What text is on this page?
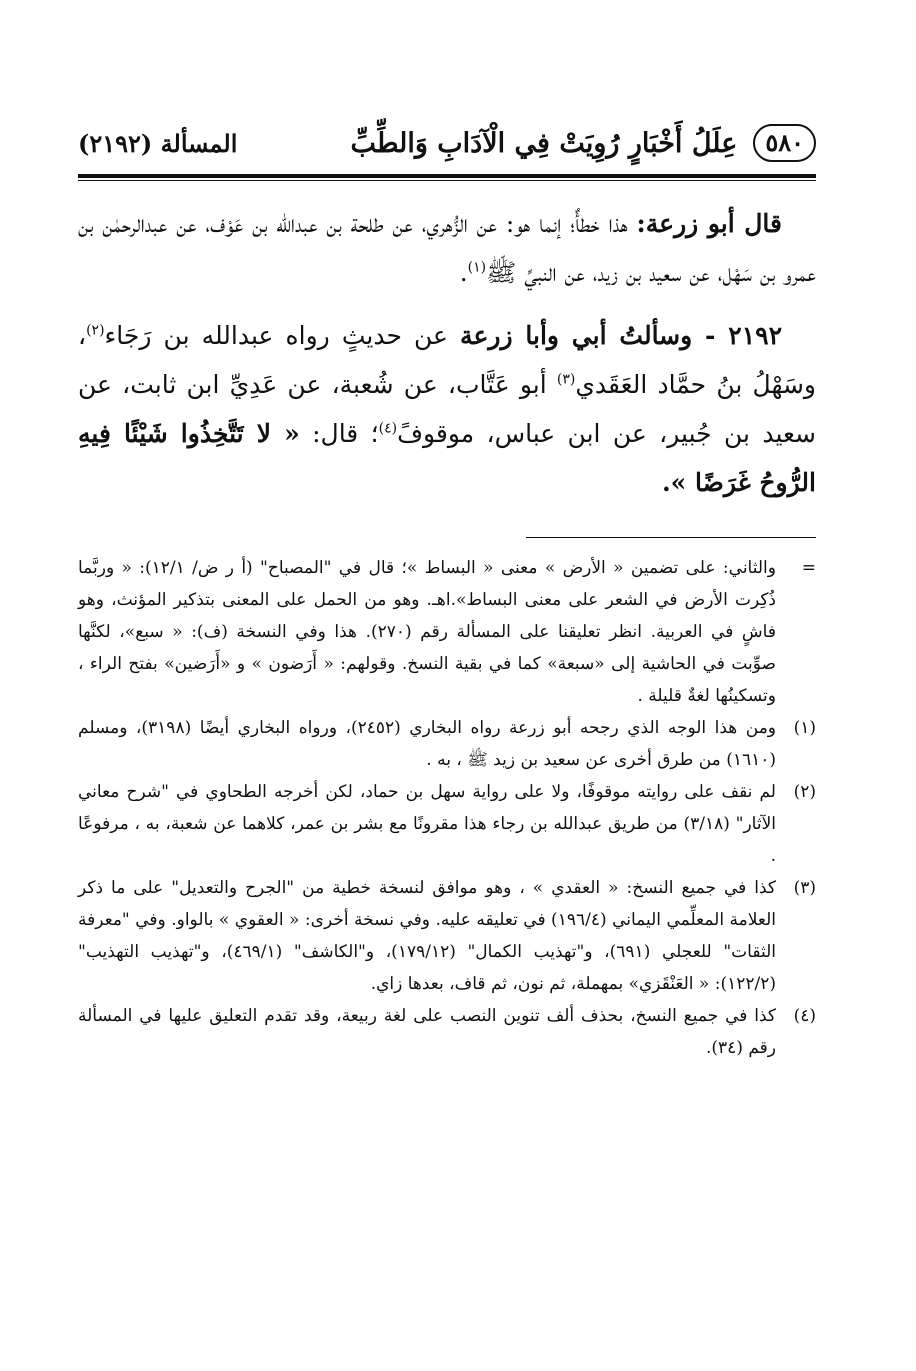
٥٨٠
عِلَلُ أَخْبَارٍ رُوِيَتْ فِي الْآدَابِ وَالطِّبِّ
المسألة (٢١٩٢)

قال أبو زرعة: هذا خطأٌ؛ إنما هو: عن الزُّهري، عن طلحة بن عبدالله بن عَوْف، عن عبدالرحمٰن بن عمرو بن سَهْل، عن سعيد بن زيد، عن النبيِّ ﷺ$^{(١)}$.

٢١٩٢ - وسألتُ أبي وأبا زرعة عن حديثٍ رواه عبدالله بن رَجَاء$^{(٢)}$، وسَهْلُ بنُ حمَّاد العَقَدي$^{(٣)}$ أبو عَتَّاب، عن شُعبة، عن عَدِيِّ ابن ثابت، عن سعيد بن جُبير، عن ابن عباس، موقوفً$^{(٤)}$؛ قال: « لا تَتَّخِذُوا شَيْئًا فِيهِ الرُّوحُ غَرَضًا ».

=
والثاني: على تضمين « الأرض » معنى « البساط »؛ قال في "المصباح" (أ ر ض/ ١٢/١): « وربَّما ذُكِرت الأرض في الشعر على معنى البساط».اهـ. وهو من الحمل على المعنى بتذكير المؤنث، وهو فاشٍ في العربية. انظر تعليقنا على المسألة رقم (٢٧٠). هذا وفي النسخة (ف): « سبع»، لكنَّها صوِّبت في الحاشية إلى «سبعة» كما في بقية النسخ. وقولهم: « أَرَضون » و «أَرَضين» بفتح الراء ، وتسكينُها لغةٌ قليلة .
(١)
ومن هذا الوجه الذي رجحه أبو زرعة رواه البخاري (٢٤٥٢)، ورواه البخاري أيضًا (٣١٩٨)، ومسلم (١٦١٠) من طرق أخرى عن سعيد بن زيد ﷺ ، به .
(٢)
لم نقف على روايته موقوفًا، ولا على رواية سهل بن حماد، لكن أخرجه الطحاوي في "شرح معاني الآثار" (٣/١٨) من طريق عبدالله بن رجاء هذا مقرونًا مع بشر بن عمر، كلاهما عن شعبة، به ، مرفوعًا .
(٣)
كذا في جميع النسخ: « العقدي » ، وهو موافق لنسخة خطية من "الجرح والتعديل" على ما ذكر العلامة المعلِّمي اليماني (١٩٦/٤) في تعليقه عليه. وفي نسخة أخرى: « العقوي » بالواو. وفي "معرفة الثقات" للعجلي (٦٩١)، و"تهذيب الكمال" (١٧٩/١٢)، و"الكاشف" (٤٦٩/١)، و"تهذيب التهذيب" (١٢٢/٢): « العَنْقَزي» بمهملة، ثم نون، ثم قاف، بعدها زاي.
(٤)
كذا في جميع النسخ، بحذف ألف تنوين النصب على لغة ربيعة، وقد تقدم التعليق عليها في المسألة رقم (٣٤).
